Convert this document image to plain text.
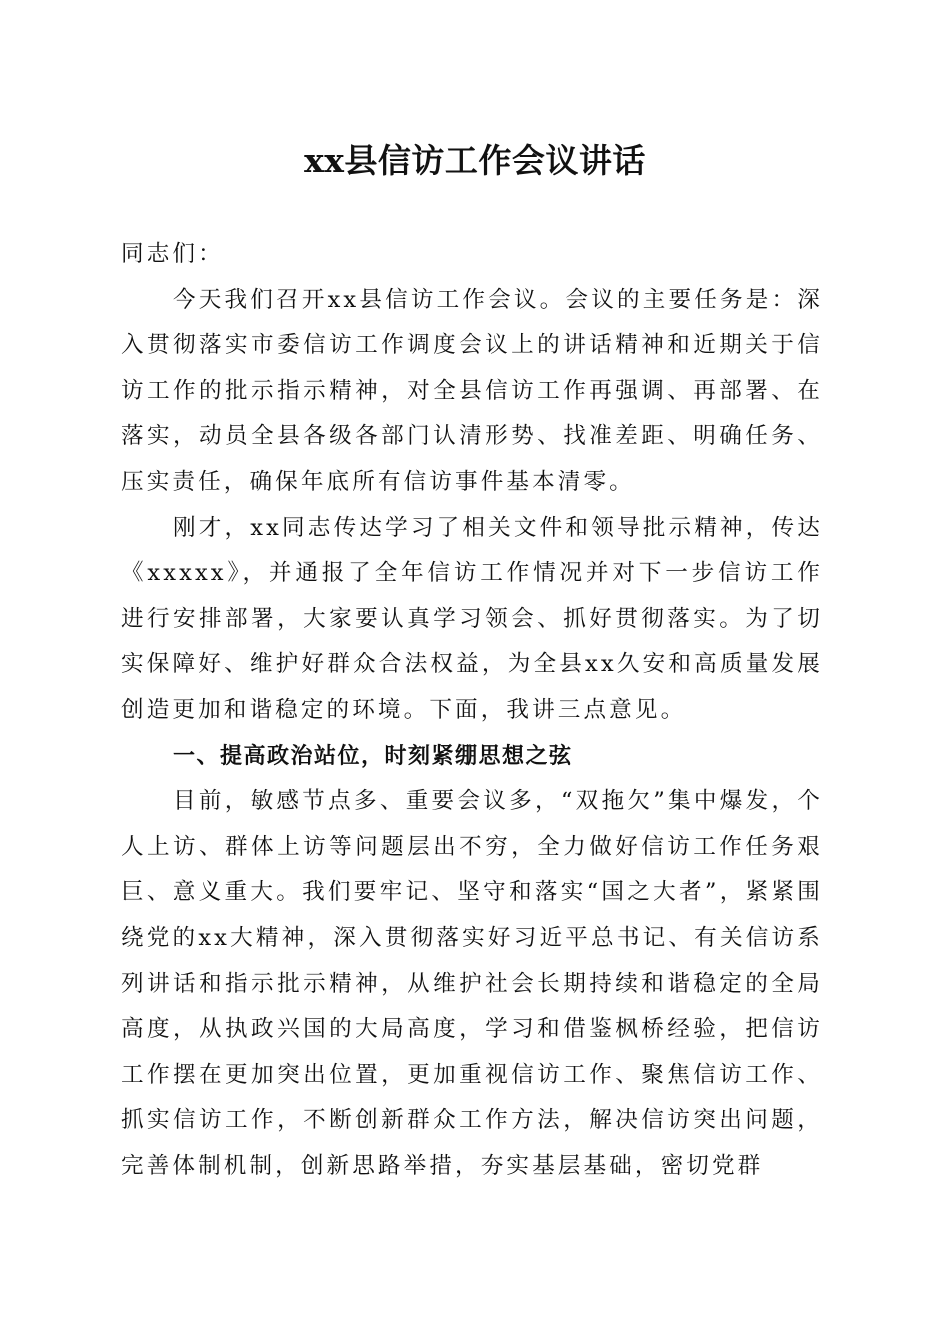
xx县信访工作会议讲话

同志们：

今天我们召开xx县信访工作会议。会议的主要任务是：深入贯彻落实市委信访工作调度会议上的讲话精神和近期关于信访工作的批示指示精神，对全县信访工作再强调、再部署、在落实，动员全县各级各部门认清形势、找准差距、明确任务、压实责任，确保年底所有信访事件基本清零。

刚才，xx同志传达学习了相关文件和领导批示精神，传达《xxxxx》，并通报了全年信访工作情况并对下一步信访工作进行安排部署，大家要认真学习领会、抓好贯彻落实。为了切实保障好、维护好群众合法权益，为全县xx久安和高质量发展创造更加和谐稳定的环境。下面，我讲三点意见。

一、提高政治站位，时刻紧绷思想之弦

目前，敏感节点多、重要会议多，“双拖欠”集中爆发，个人上访、群体上访等问题层出不穷，全力做好信访工作任务艰巨、意义重大。我们要牢记、坚守和落实“国之大者”，紧紧围绕党的xx大精神，深入贯彻落实好习近平总书记、有关信访系列讲话和指示批示精神，从维护社会长期持续和谐稳定的全局高度，从执政兴国的大局高度，学习和借鉴枫桥经验，把信访工作摆在更加突出位置，更加重视信访工作、聚焦信访工作、抓实信访工作，不断创新群众工作方法，解决信访突出问题，完善体制机制，创新思路举措，夯实基层基础，密切党群
